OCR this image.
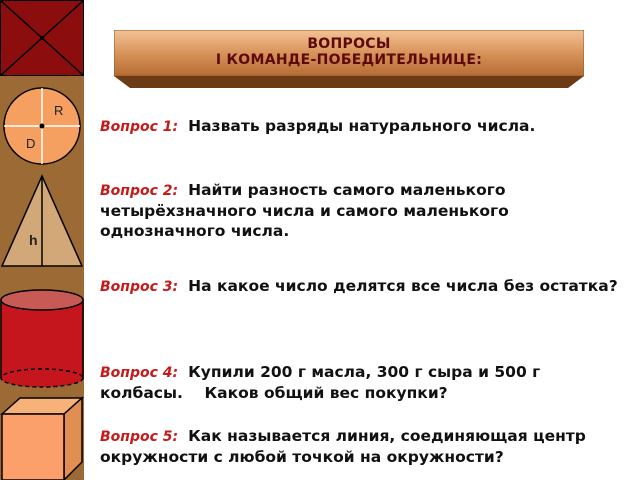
R
D
h
ВОПРОСЫ
I КОМАНДЕ-ПОБЕДИТЕЛЬНИЦЕ:
Вопрос 1: Назвать разряды натурального числа.
Вопрос 2: Найти разность самого маленького четырёхзначного числа и самого маленького однозначного числа.
Вопрос 3: На какое число делятся все числа без остатка?
Вопрос 4: Купили 200 г масла, 300 г сыра и 500 г колбасы.    Каков общий вес покупки?
Вопрос 5: Как называется линия, соединяющая центр окружности с любой точкой на окружности?
